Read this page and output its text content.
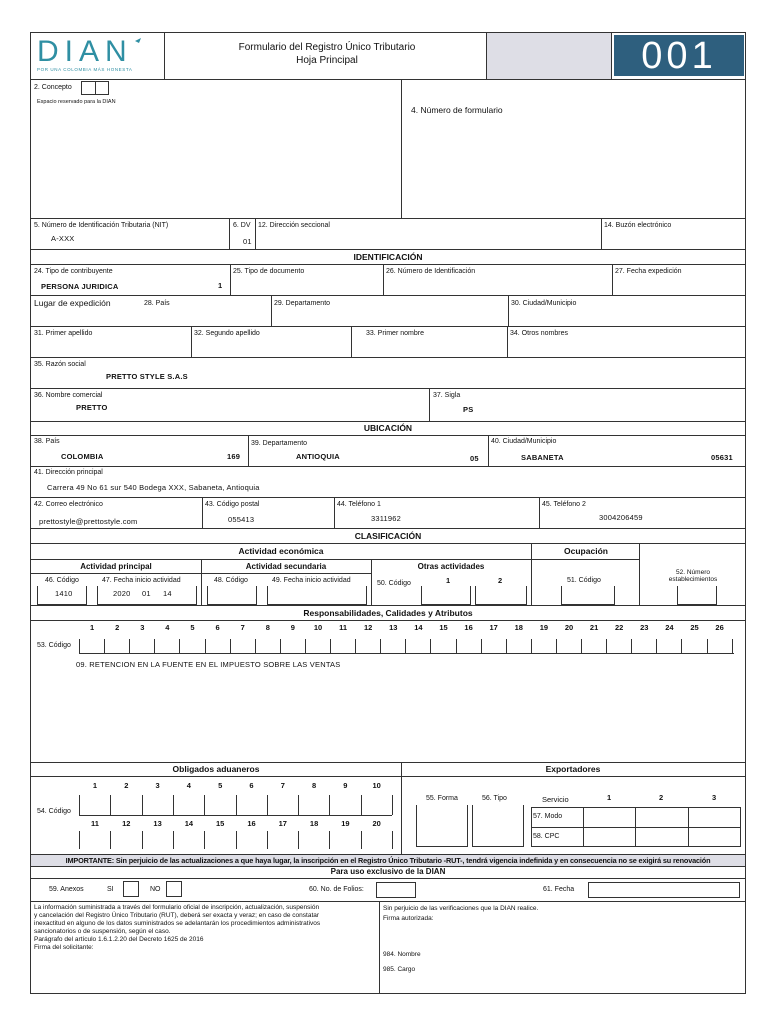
DIAN
POR UNA COLOMBIA MÁS HONESTA
Formulario del Registro Único Tributario
Hoja Principal	001
2. Concepto
Espacio reservado para la DIAN
4. Número de formulario
5. Número de Identificación Tributaria (NIT)
A-XXX
6. DV
01
12. Dirección seccional	14. Buzón electrónico
IDENTIFICACIÓN
24. Tipo de contribuyente
PERSONA JURIDICA	1
25. Tipo de documento	26. Número de Identificación	27. Fecha expedición
Lugar de expedición	28. País	29. Departamento	30. Ciudad/Municipio
31. Primer apellido	32. Segundo apellido	33. Primer nombre	34. Otros nombres
35. Razón social
PRETTO STYLE S.A.S
36. Nombre comercial
PRETTO
37. Sigla
PS
UBICACIÓN
38. País
COLOMBIA	169
39. Departamento
ANTIOQUIA	05
40. Ciudad/Municipio
SABANETA	05631
41. Dirección principal
Carrera 49 No 61 sur 540 Bodega XXX, Sabaneta, Antioquia
42. Correo electrónico
prettostyle@prettostyle.com
43. Código postal
055413
44. Teléfono 1
3311962
45. Teléfono 2
3004206459
CLASIFICACIÓN
Actividad económica	Ocupación
Actividad principal	Actividad secundaria	Otras actividades
46. Código	47. Fecha inicio actividad
1410	2020 01 14
48. Código	49. Fecha inicio actividad	50. Código	1	2	51. Código
52. Número
establecimientos
Responsabilidades, Calidades y Atributos
1	2	3	4	5	6	7	8	9	10	11	12	13	14	15	16	17	18	19	20	21	22	23	24	25	26
53. Código
09. RETENCION EN LA FUENTE EN EL IMPUESTO SOBRE LAS VENTAS
Obligados aduaneros	Exportadores
54. Código
1	2	3	4	5	6	7	8	9	10
11	12	13	14	15	16	17	18	19	20
55. Forma	56. Tipo	Servicio	1	2	3
57. Modo
58. CPC
IMPORTANTE: Sin perjuicio de las actualizaciones a que haya lugar, la inscripción en el Registro Único Tributario -RUT-, tendrá vigencia indefinida y en consecuencia no se exigirá su renovación
Para uso exclusivo de la DIAN
59. Anexos	SI	NO	60. No. de Folios:	61. Fecha
La información suministrada a través del formulario oficial de inscripción, actualización, suspensión
y cancelación del Registro Único Tributario (RUT), deberá ser exacta y veraz; en caso de constatar
inexactitud en alguno de los datos suministrados se adelantarán los procedimientos administrativos
sancionatorios o de suspensión, según el caso.
Parágrafo del artículo 1.6.1.2.20 del Decreto 1625 de 2016
Firma del solicitante:
Sin perjuicio de las verificaciones que la DIAN realice.
Firma autorizada:
984. Nombre
985. Cargo
